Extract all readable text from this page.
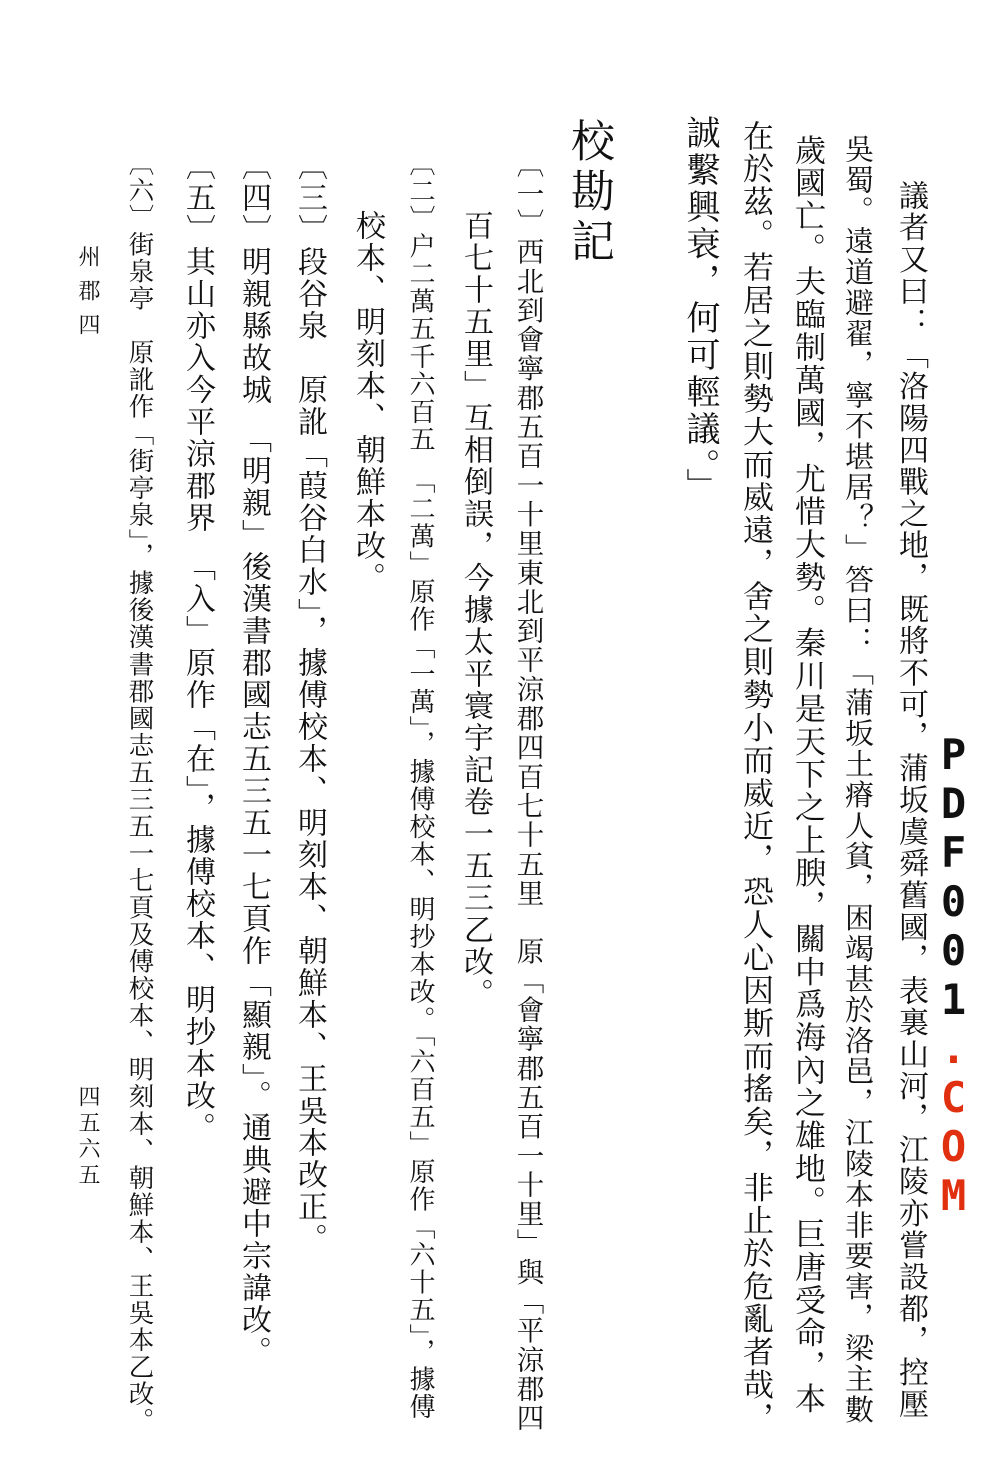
議者又曰：「洛陽四戰之地，既將不可，蒲坂虞舜舊國，表裏山河，江陵亦嘗設都，控壓
吳蜀。遠道避翟，寧不堪居？」答曰：「蒲坂土瘠人貧，困竭甚於洛邑，江陵本非要害，梁主數
歲國亡。夫臨制萬國，尤惜大勢。秦川是天下之上腴，關中爲海內之雄地。巨唐受命，本
在於茲。若居之則勢大而威遠，舍之則勢小而威近，恐人心因斯而搖矣，非止於危亂者哉，
誠繫興衰，何可輕議。」
PDF001.COM
校勘記
〔一〕西北到會寧郡五百一十里東北到平涼郡四百七十五里　原「會寧郡五百一十里」與「平涼郡四
百七十五里」互相倒誤，今據太平寰宇記卷一五三乙改。
〔二〕户二萬五千六百五　「二萬」原作「一萬」，據傅校本、明抄本改。「六百五」原作「六十五」，據傅
校本、明刻本、朝鮮本改。
〔三〕段谷泉　原訛「葭谷白水」，據傅校本、明刻本、朝鮮本、王吳本改正。
〔四〕明親縣故城　「明親」後漢書郡國志五三五一七頁作「顯親」。通典避中宗諱改。
〔五〕其山亦入今平涼郡界　「入」原作「在」，據傅校本、明抄本改。
〔六〕街泉亭　原訛作「街亭泉」，據後漢書郡國志五三五一七頁及傅校本、明刻本、朝鮮本、王吳本乙改。
州郡四
四五六五
